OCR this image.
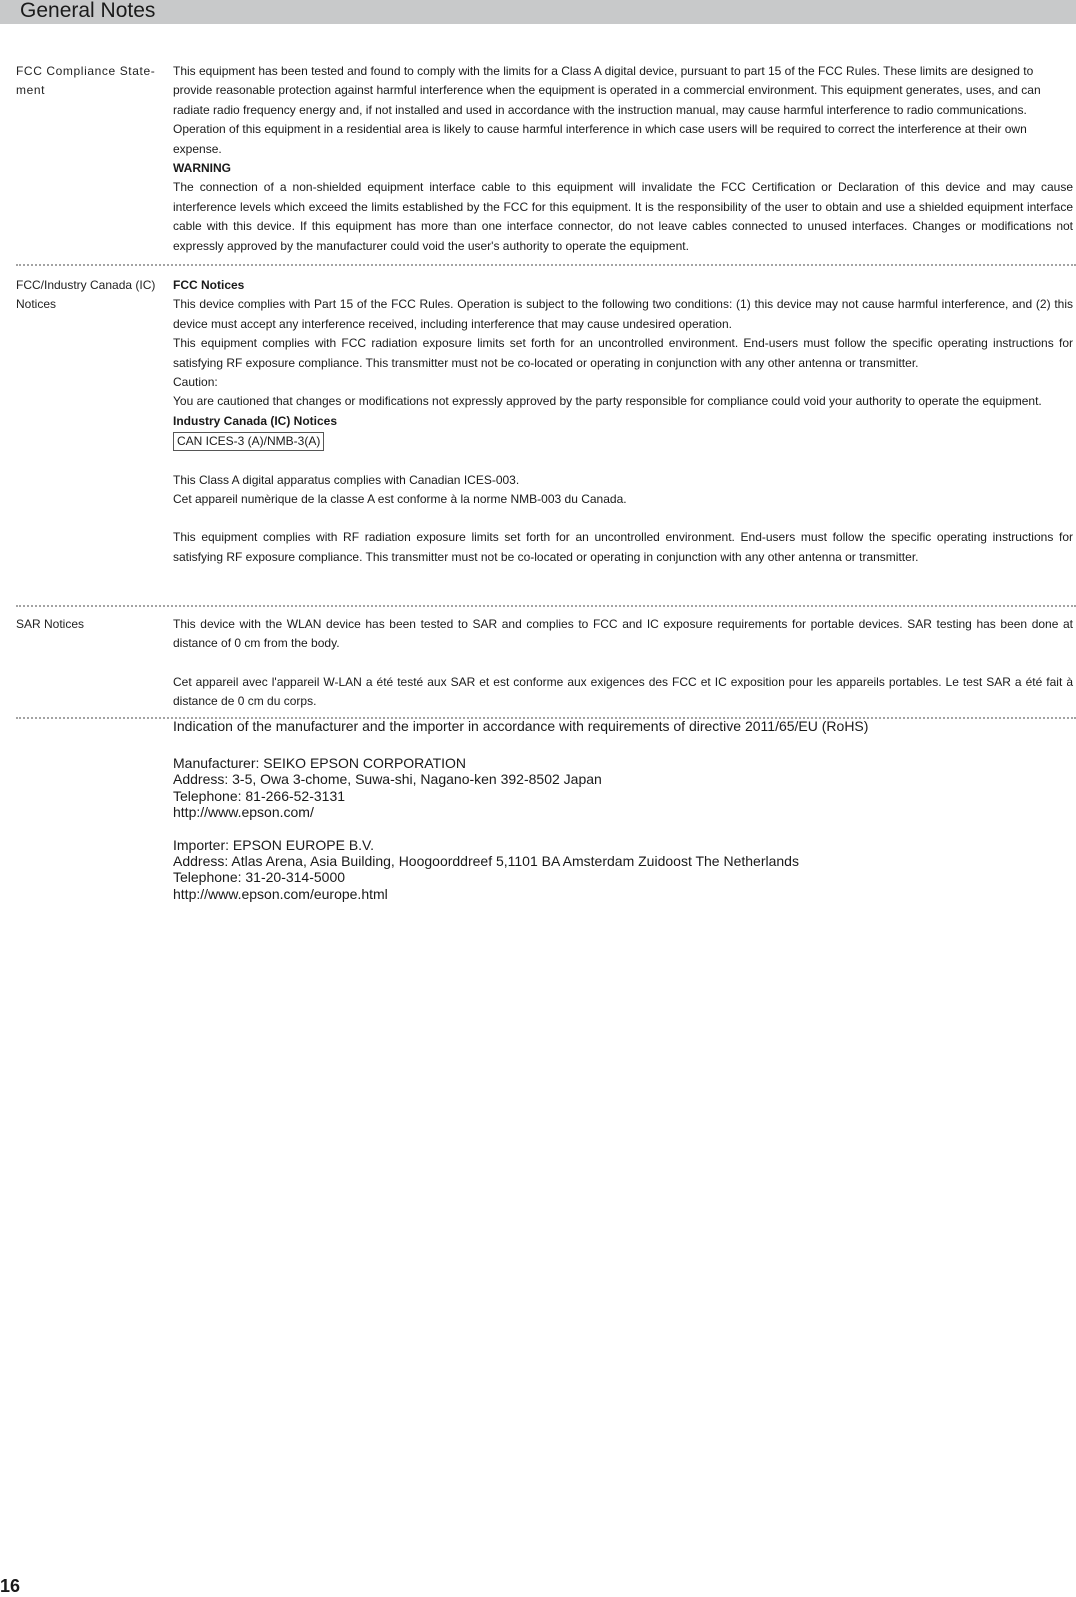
General Notes
FCC Compliance State-
ment

This equipment has been tested and found to comply with the limits for a Class A digital device, pursuant to part 15 of the FCC Rules. These limits are designed to provide reasonable protection against harmful interference when the equipment is operated in a commercial environment. This equipment generates, uses, and can radiate radio frequency energy and, if not installed and used in accordance with the instruction manual, may cause harmful interference to radio communications. Operation of this equipment in a residential area is likely to cause harmful interference in which case users will be required to correct the interference at their own expense.

WARNING

The connection of a non-shielded equipment interface cable to this equipment will invalidate the FCC Certification or Declaration of this device and may cause interference levels which exceed the limits established by the FCC for this equipment. It is the responsibility of the user to obtain and use a shielded equipment interface cable with this device. If this equipment has more than one interface connector, do not leave cables connected to unused interfaces. Changes or modifications not expressly approved by the manufacturer could void the user's authority to operate the equipment.

FCC/Industry Canada (IC)
Notices

FCC Notices

This device complies with Part 15 of the FCC Rules. Operation is subject to the following two conditions: (1) this device may not cause harmful interference, and (2) this device must accept any interference received, including interference that may cause undesired operation.

This equipment complies with FCC radiation exposure limits set forth for an uncontrolled environment. End-users must follow the specific operating instructions for satisfying RF exposure compliance. This transmitter must not be co-located or operating in conjunction with any other antenna or transmitter.

Caution:

You are cautioned that changes or modifications not expressly approved by the party responsible for compliance could void your authority to operate the equipment.

Industry Canada (IC) Notices

CAN ICES-3 (A)/NMB-3(A)

This Class A digital apparatus complies with Canadian ICES-003.

Cet appareil numèrique de la classe A est conforme à la norme NMB-003 du Canada.

This equipment complies with RF radiation exposure limits set forth for an uncontrolled environment. End-users must follow the specific operating instructions for satisfying RF exposure compliance. This transmitter must not be co-located or operating in conjunction with any other antenna or transmitter.

SAR Notices	This device with the WLAN device has been tested to SAR and complies to FCC and IC exposure requirements for portable devices. SAR testing has been done at distance of 0 cm from the body.

Cet appareil avec l'appareil W-LAN a été testé aux SAR et est conforme aux exigences des FCC et IC exposition pour les appareils portables. Le test SAR a été fait à distance de 0 cm du corps.

Indication of the manufacturer and the importer in accordance with requirements of directive 2011/65/EU (RoHS)

Manufacturer: SEIKO EPSON CORPORATION

Address: 3-5, Owa 3-chome, Suwa-shi, Nagano-ken 392-8502 Japan

Telephone: 81-266-52-3131

http://www.epson.com/

Importer: EPSON EUROPE B.V.

Address: Atlas Arena, Asia Building, Hoogoorddreef 5,1101 BA Amsterdam Zuidoost The Netherlands

Telephone: 31-20-314-5000

http://www.epson.com/europe.html

16
